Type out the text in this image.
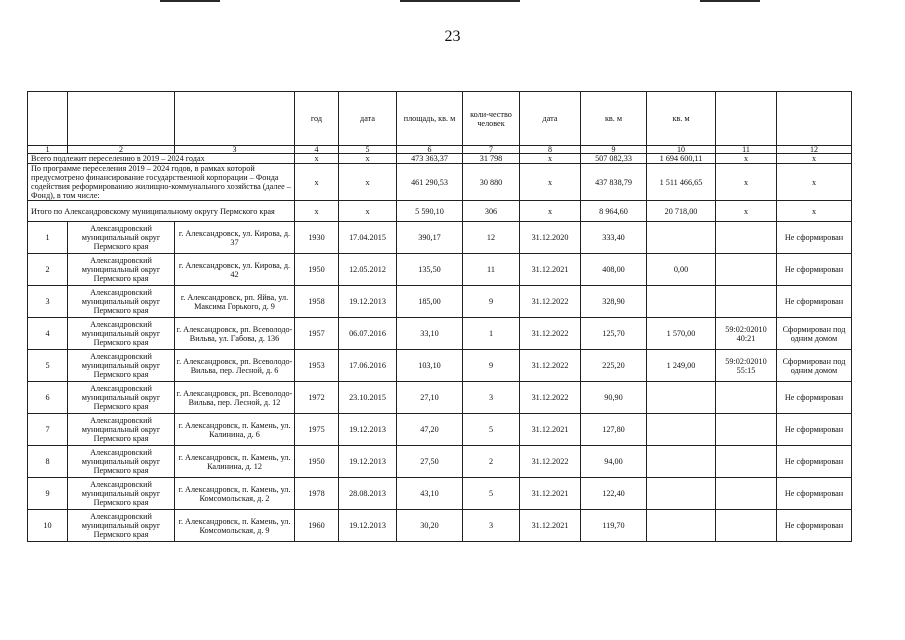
23
			год	дата	площадь, кв. м	коли-чество человек	дата	кв. м	кв. м		
1	2	3	4	5	6	7	8	9	10	11	12
Всего подлежит переселению в 2019 – 2024 годах			x	x	473 363,37	31 798	x	507 082,33	1 694 600,11	x	x
По программе переселения 2019 – 2024 годов, в рамках которой предусмотрено финансирование государственной корпорации – Фонда содействия реформированию жилищно-коммунального хозяйства (далее – Фонд), в том числе:			x	x	461 290,53	30 880	x	437 838,79	1 511 466,65	x	x
Итого по Александровскому муниципальному округу Пермского края			x	x	5 590,10	306	x	8 964,60	20 718,00	x	x
1	Александровский муниципальный округ Пермского края	г. Александровск, ул. Кирова, д. 37	1930	17.04.2015	390,17	12	31.12.2020	333,40			Не сформирован
2	Александровский муниципальный округ Пермского края	г. Александровск, ул. Кирова, д. 42	1950	12.05.2012	135,50	11	31.12.2021	408,00	0,00		Не сформирован
3	Александровский муниципальный округ Пермского края	г. Александровск, рп. Яйва, ул. Максима Горького, д. 9	1958	19.12.2013	185,00	9	31.12.2022	328,90			Не сформирован
4	Александровский муниципальный округ Пермского края	г. Александровск, рп. Всеволодо-Вильва, ул. Габова, д. 136	1957	06.07.2016	33,10	1	31.12.2022	125,70	1 570,00	59:02:02010 40:21	Сформирован под одним домом
5	Александровский муниципальный округ Пермского края	г. Александровск, рп. Всеволодо-Вильва, пер. Лесной, д. 6	1953	17.06.2016	103,10	9	31.12.2022	225,20	1 249,00	59:02:02010 55:15	Сформирован под одним домом
6	Александровский муниципальный округ Пермского края	г. Александровск, рп. Всеволодо-Вильва, пер. Лесной, д. 12	1972	23.10.2015	27,10	3	31.12.2022	90,90			Не сформирован
7	Александровский муниципальный округ Пермского края	г. Александровск, п. Камень, ул. Калинина, д. 6	1975	19.12.2013	47,20	5	31.12.2021	127,80			Не сформирован
8	Александровский муниципальный округ Пермского края	г. Александровск, п. Камень, ул. Калинина, д. 12	1950	19.12.2013	27,50	2	31.12.2022	94,00			Не сформирован
9	Александровский муниципальный округ Пермского края	г. Александровск, п. Камень, ул. Комсомольская, д. 2	1978	28.08.2013	43,10	5	31.12.2021	122,40			Не сформирован
10	Александровский муниципальный округ Пермского края	г. Александровск, п. Камень, ул. Комсомольская, д. 9	1960	19.12.2013	30,20	3	31.12.2021	119,70			Не сформирован
